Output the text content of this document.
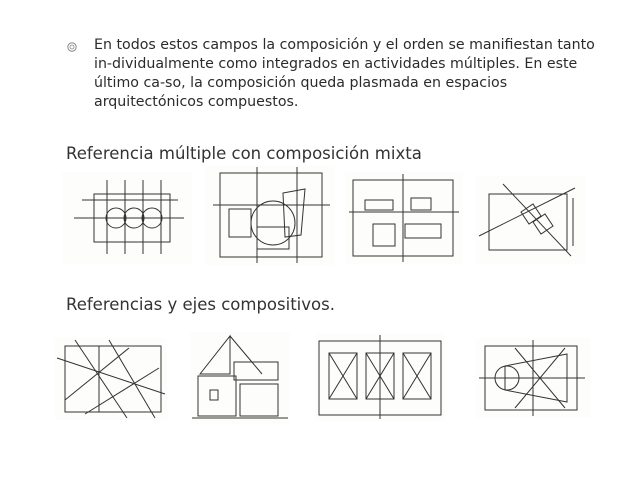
En todos estos campos la composición y el orden se manifiestan tanto in-dividualmente como integrados en actividades múltiples. En este último ca-so, la composición queda plasmada en espacios arquitectónicos compuestos.
Referencia múltiple con composición mixta
Referencias y ejes compositivos.
